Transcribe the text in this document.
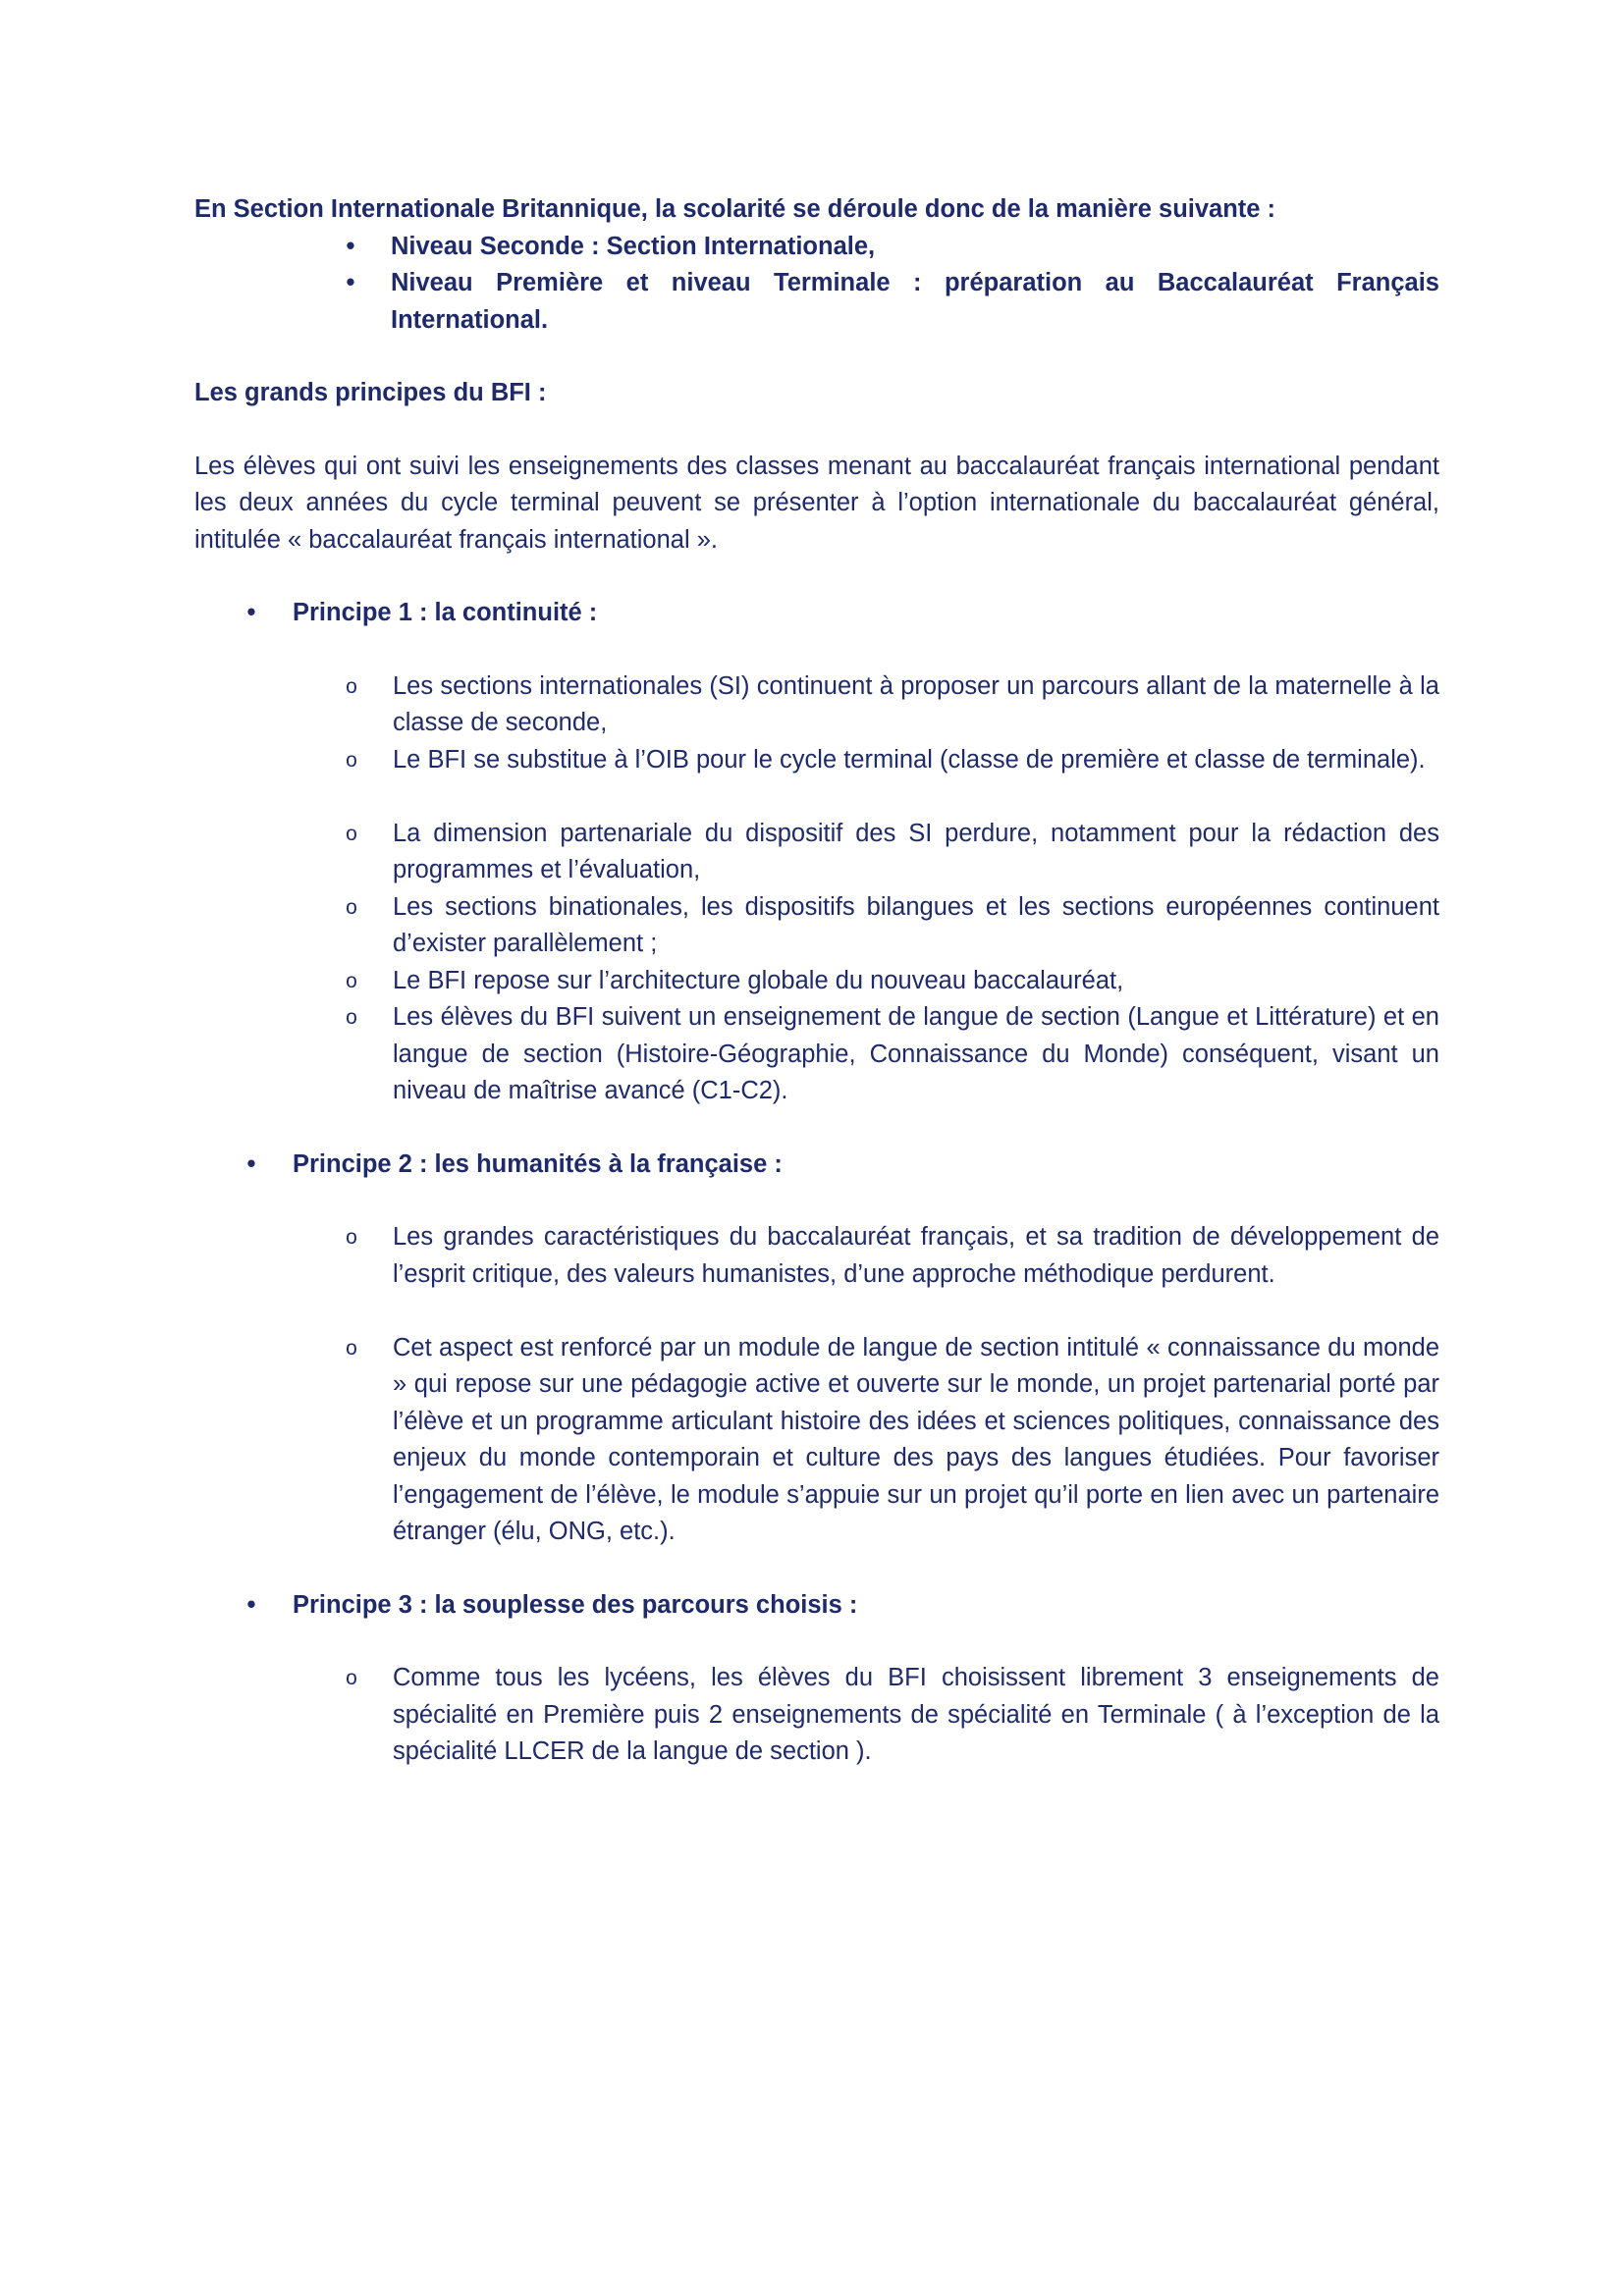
En Section Internationale Britannique, la scolarité se déroule donc de la manière suivante :

• Niveau Seconde : Section Internationale,
• Niveau Première et niveau Terminale : préparation au Baccalauréat Français International.

Les grands principes du BFI :

Les élèves qui ont suivi les enseignements des classes menant au baccalauréat français international pendant les deux années du cycle terminal peuvent se présenter à l’option internationale du baccalauréat général, intitulée « baccalauréat français international ».

• Principe 1 : la continuité :

o Les sections internationales (SI) continuent à proposer un parcours allant de la maternelle à la classe de seconde,
o Le BFI se substitue à l’OIB pour le cycle terminal (classe de première et classe de terminale).
o La dimension partenariale du dispositif des SI perdure, notamment pour la rédaction des programmes et l’évaluation,
o Les sections binationales, les dispositifs bilangues et les sections européennes continuent d’exister parallèlement ;
o Le BFI repose sur l’architecture globale du nouveau baccalauréat,
o Les élèves du BFI suivent un enseignement de langue de section (Langue et Littérature) et en langue de section (Histoire-Géographie, Connaissance du Monde) conséquent, visant un niveau de maîtrise avancé (C1-C2).

• Principe 2 : les humanités à la française :

o Les grandes caractéristiques du baccalauréat français, et sa tradition de développement de l’esprit critique, des valeurs humanistes, d’une approche méthodique perdurent.
o Cet aspect est renforcé par un module de langue de section intitulé « connaissance du monde » qui repose sur une pédagogie active et ouverte sur le monde, un projet partenarial porté par l’élève et un programme articulant histoire des idées et sciences politiques, connaissance des enjeux du monde contemporain et culture des pays des langues étudiées. Pour favoriser l’engagement de l’élève, le module s’appuie sur un projet qu’il porte en lien avec un partenaire étranger (élu, ONG, etc.).

• Principe 3 : la souplesse des parcours choisis :

o Comme tous les lycéens, les élèves du BFI choisissent librement 3 enseignements de spécialité en Première puis 2 enseignements de spécialité en Terminale ( à l’exception de la spécialité LLCER de la langue de section ).
